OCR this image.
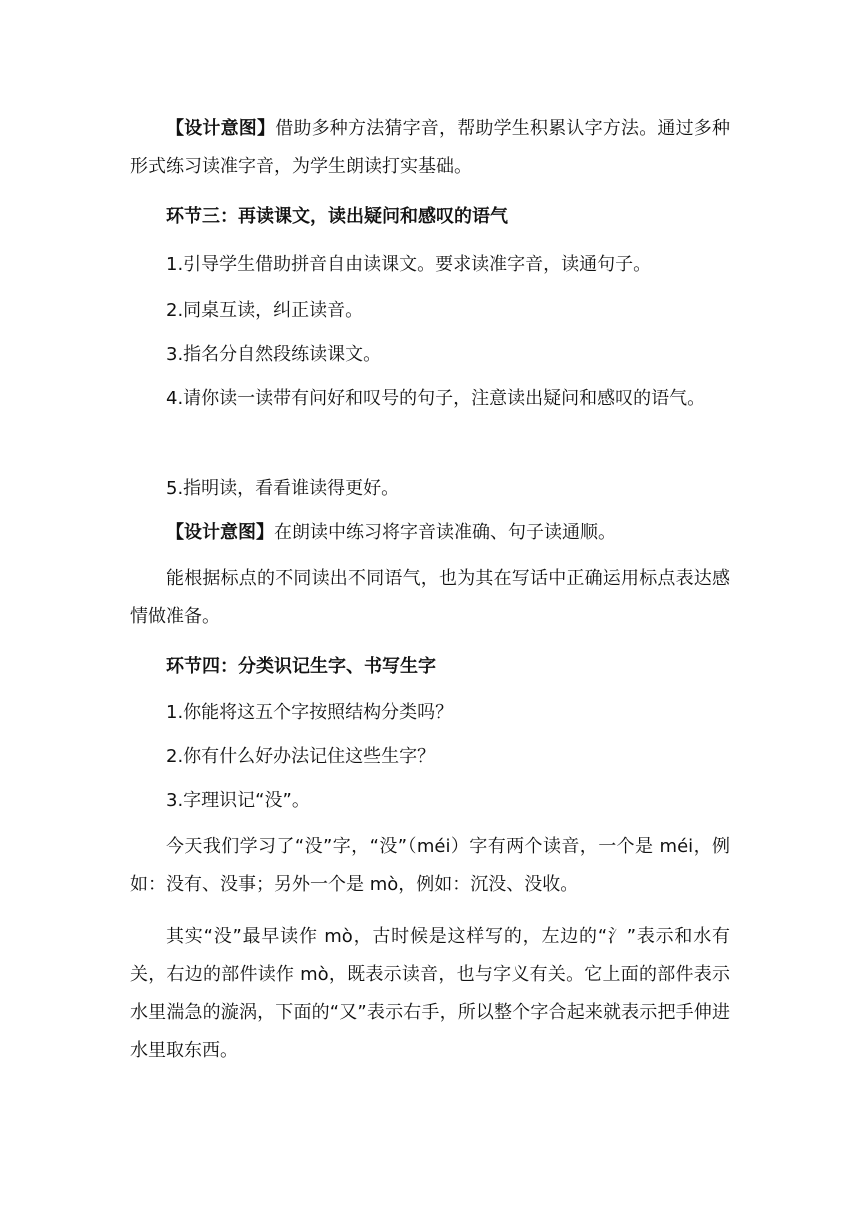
【设计意图】借助多种方法猜字音，帮助学生积累认字方法。通过多种形式练习读准字音，为学生朗读打实基础。

环节三：再读课文，读出疑问和感叹的语气

1.引导学生借助拼音自由读课文。要求读准字音，读通句子。

2.同桌互读，纠正读音。

3.指名分自然段练读课文。

4.请你读一读带有问好和叹号的句子，注意读出疑问和感叹的语气。

5.指明读，看看谁读得更好。

【设计意图】在朗读中练习将字音读准确、句子读通顺。

能根据标点的不同读出不同语气，也为其在写话中正确运用标点表达感情做准备。

环节四：分类识记生字、书写生字

1.你能将这五个字按照结构分类吗？

2.你有什么好办法记住这些生字？

3.字理识记“没”。

今天我们学习了“没”字，“没”（méi）字有两个读音，一个是 méi，例如：没有、没事；另外一个是 mò，例如：沉没、没收。

其实“没”最早读作 mò，古时候是这样写的，左边的“氵”表示和水有关，右边的部件读作 mò，既表示读音，也与字义有关。它上面的部件表示水里湍急的漩涡，下面的“又”表示右手，所以整个字合起来就表示把手伸进水里取东西。
